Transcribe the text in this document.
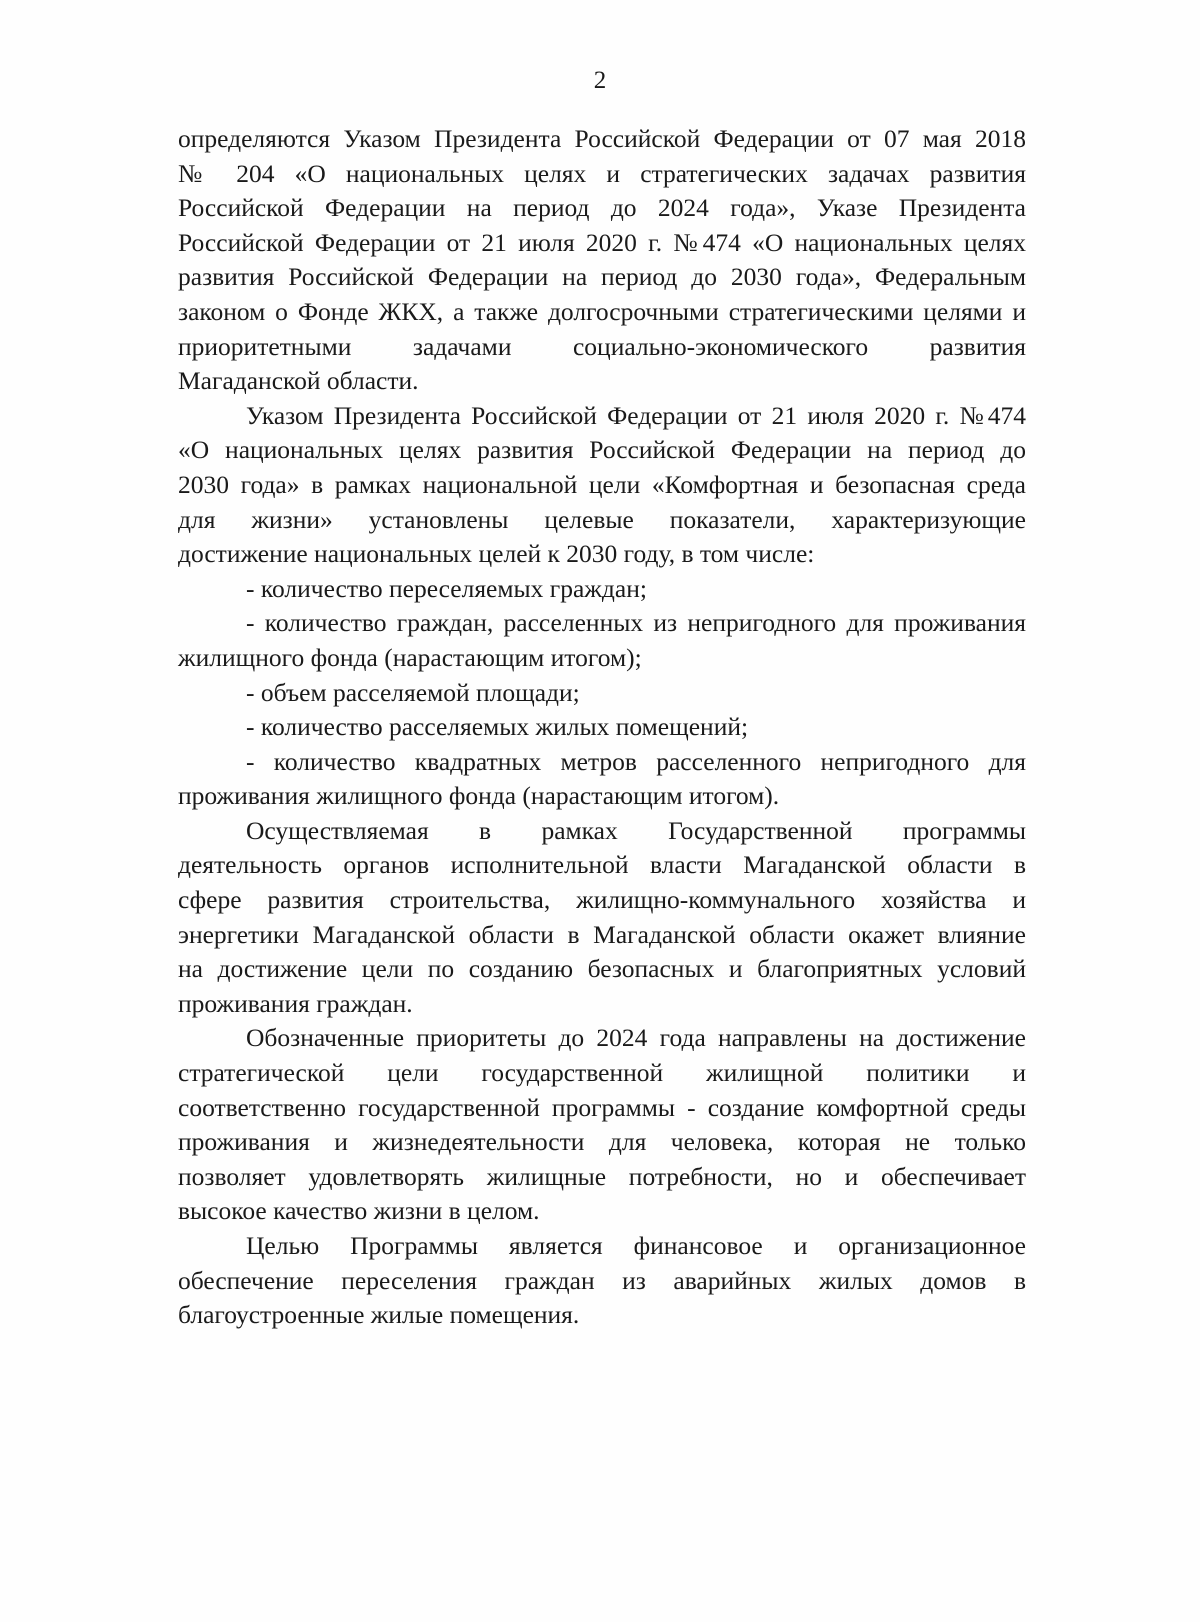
2

определяются Указом Президента Российской Федерации от 07 мая 2018
№ 204 «О национальных целях и стратегических задачах развития
Российской Федерации на период до 2024 года», Указе Президента
Российской Федерации от 21 июля 2020 г. №474 «О национальных целях
развития Российской Федерации на период до 2030 года», Федеральным
законом о Фонде ЖКХ, а также долгосрочными стратегическими целями и
приоритетными задачами социально-экономического развития
Магаданской области.

Указом Президента Российской Федерации от 21 июля 2020 г. №474
«О национальных целях развития Российской Федерации на период до
2030 года» в рамках национальной цели «Комфортная и безопасная среда
для жизни» установлены целевые показатели, характеризующие
достижение национальных целей к 2030 году, в том числе:

- количество переселяемых граждан;

- количество граждан, расселенных из непригодного для проживания
жилищного фонда (нарастающим итогом);

- объем расселяемой площади;

- количество расселяемых жилых помещений;

- количество квадратных метров расселенного непригодного для
проживания жилищного фонда (нарастающим итогом).

Осуществляемая в рамках Государственной программы
деятельность органов исполнительной власти Магаданской области в
сфере развития строительства, жилищно-коммунального хозяйства и
энергетики Магаданской области в Магаданской области окажет влияние
на достижение цели по созданию безопасных и благоприятных условий
проживания граждан.

Обозначенные приоритеты до 2024 года направлены на достижение
стратегической цели государственной жилищной политики и
соответственно государственной программы - создание комфортной среды
проживания и жизнедеятельности для человека, которая не только
позволяет удовлетворять жилищные потребности, но и обеспечивает
высокое качество жизни в целом.

Целью Программы является финансовое и организационное
обеспечение переселения граждан из аварийных жилых домов в
благоустроенные жилые помещения.
